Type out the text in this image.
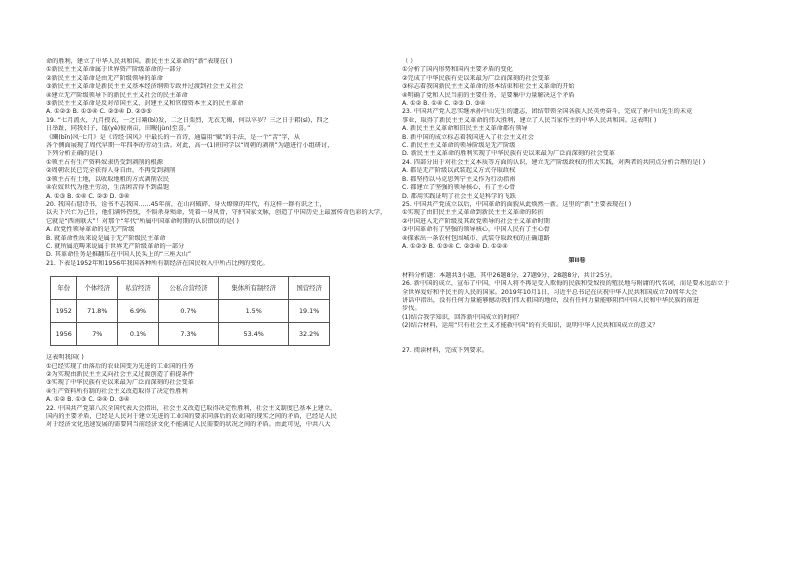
命的胜利，建立了中华人民共和国。新民主主义革命的“新”表现在( )
①新民主主义革命属于世界资产阶级革命的一部分
②新民主主义革命是由无产阶级领导的革命
③新民主主义革命是新民主主义基本经济纲领专政并过渡到社会主义社会
④建立无产阶级领导下的新民主主义社会的民主革命
⑤新民主主义革命是反对帝国主义、封建主义和官僚资本主义的民主革命
A. ①②③ B. ①③④ C. ②③④ D. ②③⑤
19. “七月流火，九月授衣，一之日觱(bì)发，二之日栗烈，无衣无褐，何以卒岁？三之日于耜(sì)，四之
日举趾，同我妇子，馌(yè)彼南亩，田畯(jùn)至喜。”
《豳(bīn)风·七月》是《诗经·国风》中最长的一首诗，通篇用“赋”的手法，是一个“苦”字，从
各个侧面展现了周代早期一年四季的劳动生活。对此，高一(1)班同学以“周朝的剥削”为题进行小组研讨，
下列分析正确的是( )
①领主占有生产资料奴隶仍受到剥削的根源
②周朝农民已完全获得人身自由，不再受到剥削
③领主占有土地，以收取地租的方式剥削农民
④农奴世代为他主劳动，生活困苦得不到温饱
A. ①③ B. ①④ C. ②③ D. ③④
20. 我国石窟诗书，诠书不志我国……45年前，在山河破碎、身火燎原的年代，有这样一群有识之士，
以天下兴亡为己任，他们满怀热忱，不惧杀身殒命，凭着一身风骨，守护国家文脉，创造了中国历史上最富传奇色彩的大学，
它就是“西南联大”！对那个“年代”所属中国革命时期的认识错误的是( )
A. 政党性领导革命的是无产阶级
B. 就革命性质来说是属于无产阶级民主革命
C. 就所属范畴来说属于世界无产阶级革命的一部分
D. 其革命任务是推翻压在中国人民头上的“三座大山”
21. 下表是1952年和1956年我国各种所有制经济在国民收入中所占比例的变化。
年份	个体经济	私营经济	公私合营经济	集体所有制经济	国营经济
1952	71.8%	6.9%	0.7%	1.5%	19.1%
1956	7%	0.1%	7.3%	53.4%	32.2%
这表明我国( )
①已经实现了由落后的农业国变为先进的工业国的任务
②为实现由新民主主义向社会主义过渡创造了前提条件
③实现了中华民族有史以来最为广泛而深刻的社会变革
④生产资料所有制的社会主义改造取得了决定性胜利
A. ①② B. ①③ C. ②④ D. ③④
22. 中国共产党第八次全国代表大会指出，社会主义改造已取得决定性胜利，社会主义制度已基本上建立，
国内的主要矛盾，已经是人民对于建立先进的工业国的要求同落后的农业国的现实之间的矛盾，已经是人民
对于经济文化迅速发展的需要同当前经济文化不能满足人民需要的状况之间的矛盾。由此可见，中共八大
（ ）
①分析了国内形势和国内主要矛盾的变化
②完成了中华民族有史以来最为广泛而深刻的社会变革
③标志着我国新民主主义革命的基本结束和社会主义革命的开始
④明确了党和人民当前的主要任务，是要集中力量解决这个矛盾
A. ①② B. ①④ C. ②③ D. ③④
23. 中国共产党人忠实继承孙中山先生的遗志，团结带领全国各族人民英勇奋斗，完成了孙中山先生的未竟
事业，取得了新民主主义革命的伟大胜利，建立了人民当家作主的中华人民共和国。这表明( )
A. 新民主主义革命和旧民主主义革命都有领导
B. 新中国的成立标志着我国进入了社会主义社会
C. 新民主主义革命的领导阶级是无产阶级
D. 新民主主义革命的胜利实现了中华民族有史以来最为广泛而深刻的社会变革
24. 四部分出于对社会主义本质等方面的认识，建立无产阶级政权的伟大实践，对两者的共同点分析合理的是( )
A. 都是无产阶级以武装起义方式夺取政权
B. 都坚持以马克思列宁主义作为行动指南
C. 都建立了坚强的领导核心，有了主心骨
D. 都用实践证明了社会主义是科学的飞跃
25. 中国共产党成立以后，中国革命的面貌从此焕然一新。这里的“新”主要表现在( )
①实现了由旧民主主义革命到新民主主义革命的转折
②中国进入无产阶级及其政党领导的社会主义革命时期
③中国革命有了坚强的领导核心，中国人民有了主心骨
④探索出一条农村包围城市、武装夺取政权的正确道路
A. ①②③ B. ①③④ C. ②③④ D. ①②④
第II卷
材料分析题：本题共3小题，其中26题8分，27题9分，28题8分，共计25分。
26. 新中国的成立，宣布了中国，中国人将不再是受人欺侮的民族和受奴役的殖民地与附庸的代名词，而是要永远站立于
全世界爱好和平民主的人民的国家。2019年10月1日，习近平总书记在庆祝中华人民共和国成立70周年大会
讲话中指出，没有任何力量能够撼动我们伟大祖国的地位，没有任何力量能够阻挡中国人民和中华民族的前进
步伐。
(1)结合我学知识，回答新中国成立的时间？
(2)结合材料，运用“只有社会主义才能救中国”的有关知识，说明中华人民共和国成立的意义？
27. 阅读材料，完成下列要求。
